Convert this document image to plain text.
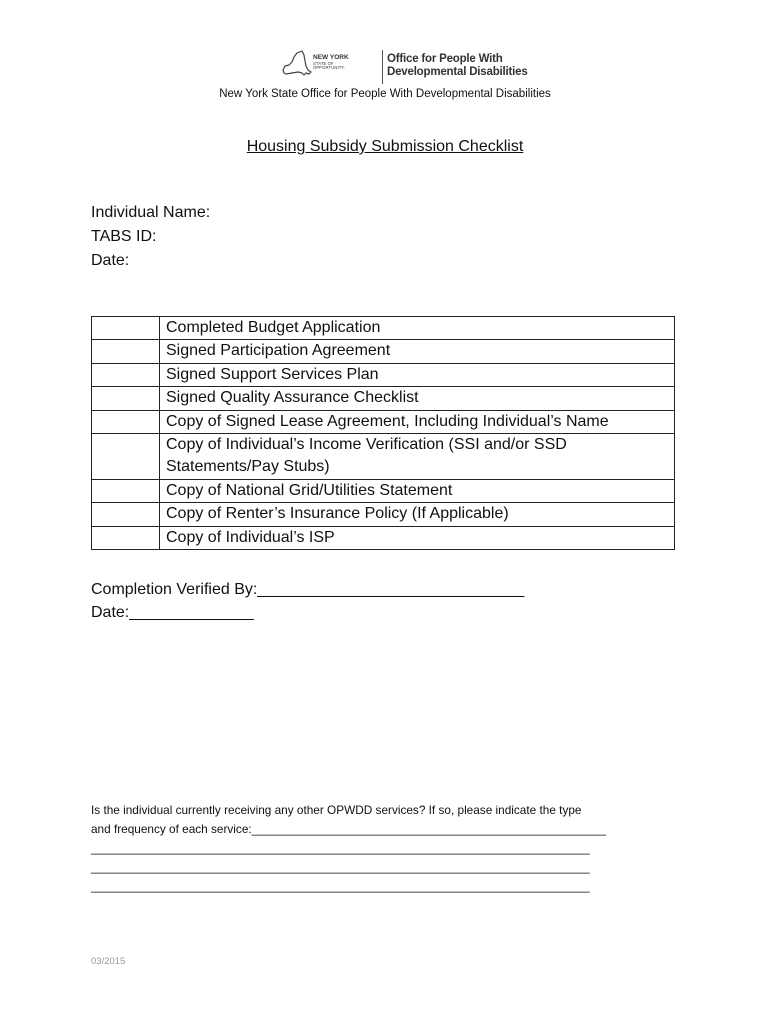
NEW YORK
STATE OF
OPPORTUNITY.
Office for People With
Developmental Disabilities
New York State Office for People With Developmental Disabilities
Housing Subsidy Submission Checklist
Individual Name:
TABS ID:
Date:
	Completed Budget Application
	Signed Participation Agreement
	Signed Support Services Plan
	Signed Quality Assurance Checklist
	Copy of Signed Lease Agreement, Including Individual’s Name
	Copy of Individual’s Income Verification (SSI and/or SSD Statements/Pay Stubs)
	Copy of National Grid/Utilities Statement
	Copy of Renter’s Insurance Policy (If Applicable)
	Copy of Individual’s ISP
Completion Verified By:______________________________
Date:______________
Is the individual currently receiving any other OPWDD services? If so, please indicate the type
and frequency of each service:______________________________________________________
____________________________________________________________________________
____________________________________________________________________________
____________________________________________________________________________
03/2015
